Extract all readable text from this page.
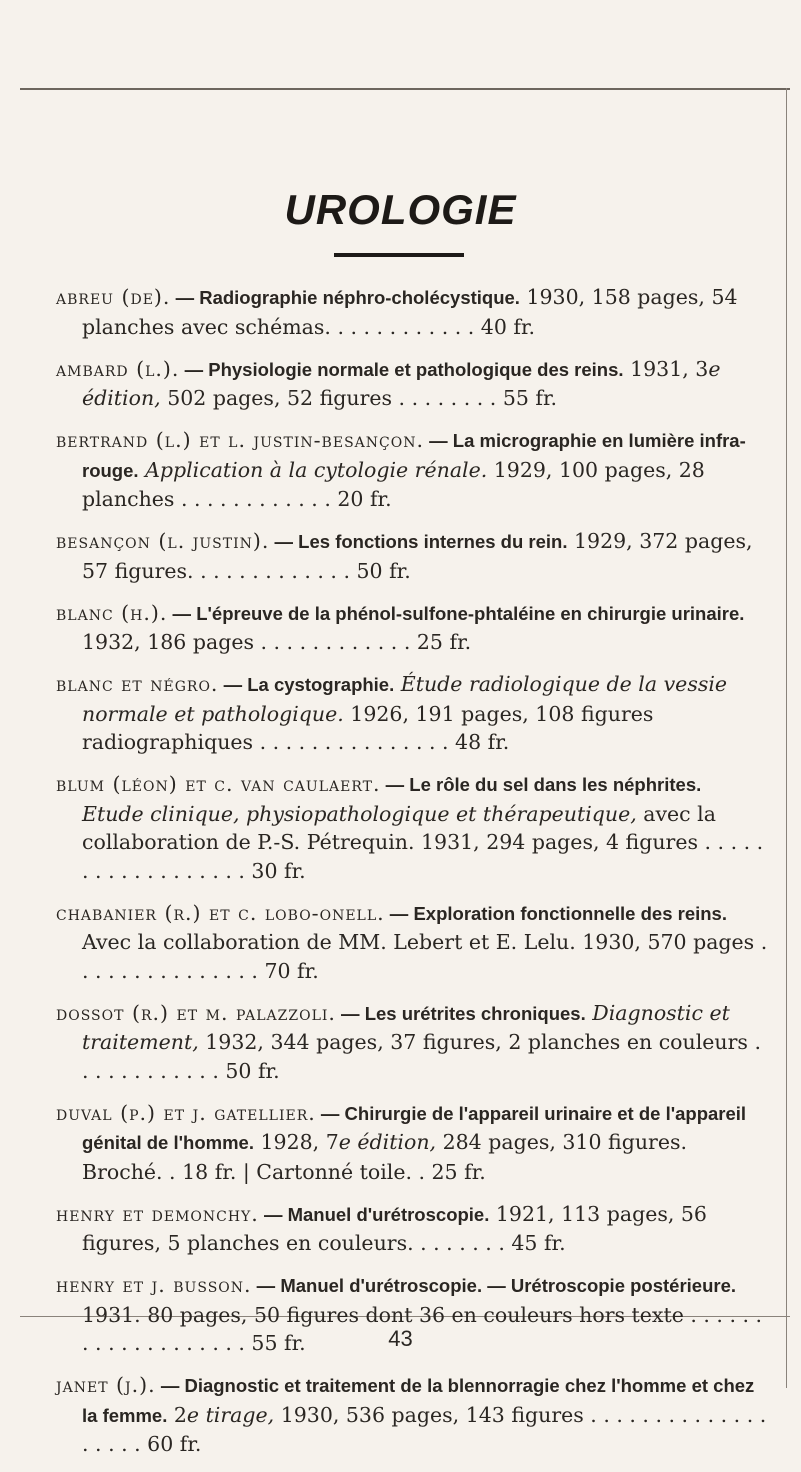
UROLOGIE

abreu (de). — Radiographie néphro-cholécystique. 1930, 158 pages, 54 planches avec schémas. . . . . . . . . . . . 40 fr.

ambard (l.). — Physiologie normale et pathologique des reins. 1931, 3e édition, 502 pages, 52 figures . . . . . . . . 55 fr.

bertrand (l.) et l. justin-besançon. — La micrographie en lumière infra-rouge. Application à la cytologie rénale. 1929, 100 pages, 28 planches . . . . . . . . . . . . 20 fr.

besançon (l. justin). — Les fonctions internes du rein. 1929, 372 pages, 57 figures. . . . . . . . . . . . . 50 fr.

blanc (h.). — L'épreuve de la phénol-sulfone-phtaléine en chirurgie urinaire. 1932, 186 pages . . . . . . . . . . . . 25 fr.

blanc et négro. — La cystographie. Étude radiologique de la vessie normale et pathologique. 1926, 191 pages, 108 figures radiographiques . . . . . . . . . . . . . . . 48 fr.

blum (léon) et c. van caulaert. — Le rôle du sel dans les néphrites. Etude clinique, physiopathologique et thérapeutique, avec la collaboration de P.-S. Pétrequin. 1931, 294 pages, 4 figures . . . . . . . . . . . . . . . . . . 30 fr.

chabanier (r.) et c. lobo-onell. — Exploration fonctionnelle des reins. Avec la collaboration de MM. Lebert et E. Lelu. 1930, 570 pages . . . . . . . . . . . . . . . 70 fr.

dossot (r.) et m. palazzoli. — Les urétrites chroniques. Diagnostic et traitement, 1932, 344 pages, 37 figures, 2 planches en couleurs . . . . . . . . . . . . 50 fr.

duval (p.) et j. gatellier. — Chirurgie de l'appareil urinaire et de l'appareil génital de l'homme. 1928, 7e édition, 284 pages, 310 figures. Broché. . 18 fr. | Cartonné toile. . 25 fr.

henry et demonchy. — Manuel d'urétroscopie. 1921, 113 pages, 56 figures, 5 planches en couleurs. . . . . . . . 45 fr.

henry et j. busson. — Manuel d'urétroscopie. — Urétroscopie postérieure. 1931. 80 pages, 50 figures dont 36 en couleurs hors texte . . . . . . . . . . . . . . . . . . . 55 fr.

janet (j.). — Diagnostic et traitement de la blennorragie chez l'homme et chez la femme. 2e tirage, 1930, 536 pages, 143 figures . . . . . . . . . . . . . . . . . . . 60 fr.

43
